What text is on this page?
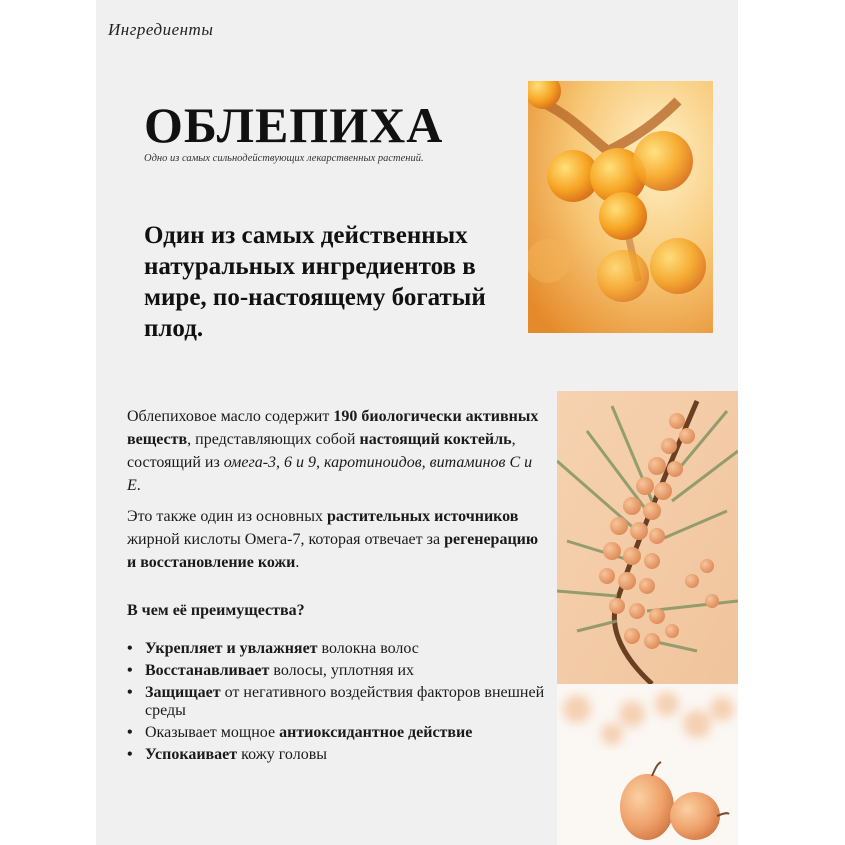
Ингредиенты
ОБЛЕПИХА
Одно из самых сильнодействующих лекарственных растений.
Один из самых действенных натуральных ингредиентов в мире, по-настоящему богатый плод.
Облепиховое масло содержит 190 биологически активных веществ, представляющих собой настоящий коктейль, состоящий из омега-3, 6 и 9, каротиноидов, витаминов С и Е.
Это также один из основных растительных источников жирной кислоты Омега-7, которая отвечает за регенерацию и восстановление кожи.
В чем её преимущества?
• Укрепляет и увлажняет волокна волос
• Восстанавливает волосы, уплотняя их
• Защищает от негативного воздействия факторов внешней среды
• Оказывает мощное антиоксидантное действие
• Успокаивает кожу головы
